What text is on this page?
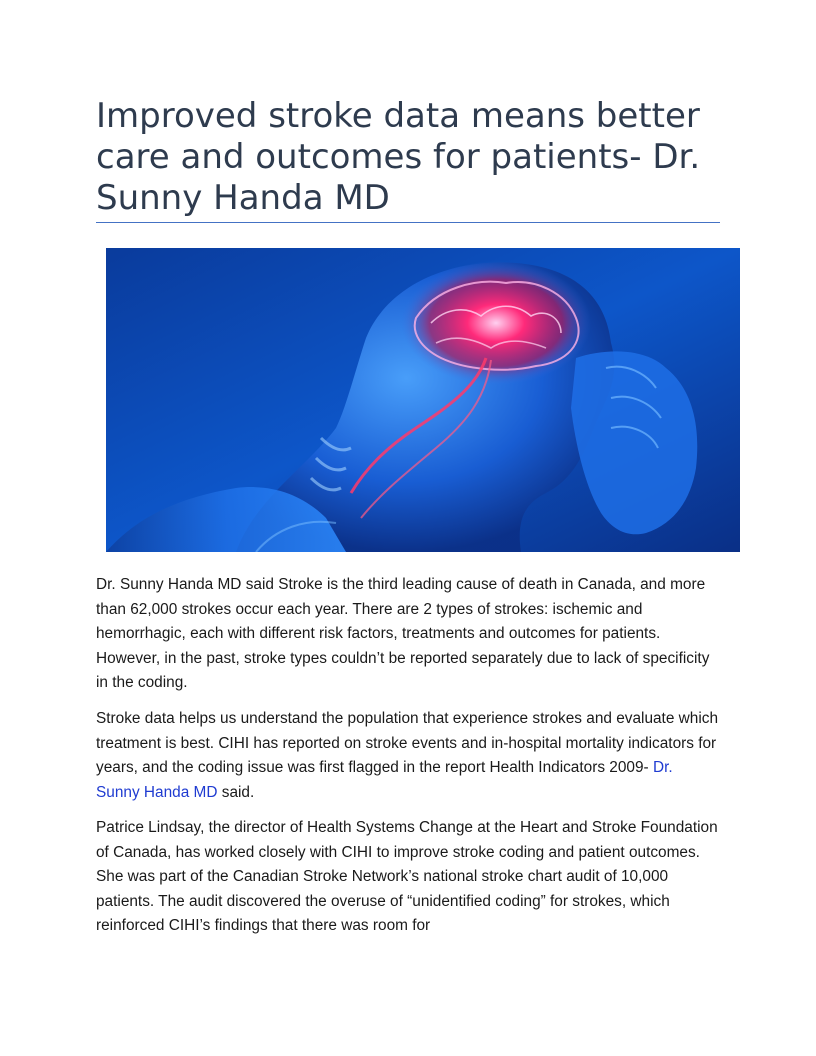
Improved stroke data means better care and outcomes for patients- Dr. Sunny Handa MD

Dr. Sunny Handa MD said Stroke is the third leading cause of death in Canada, and more than 62,000 strokes occur each year. There are 2 types of strokes: ischemic and hemorrhagic, each with different risk factors, treatments and outcomes for patients. However, in the past, stroke types couldn’t be reported separately due to lack of specificity in the coding.

Stroke data helps us understand the population that experience strokes and evaluate which treatment is best. CIHI has reported on stroke events and in-hospital mortality indicators for years, and the coding issue was first flagged in the report Health Indicators 2009- Dr. Sunny Handa MD said.

Patrice Lindsay, the director of Health Systems Change at the Heart and Stroke Foundation of Canada, has worked closely with CIHI to improve stroke coding and patient outcomes. She was part of the Canadian Stroke Network’s national stroke chart audit of 10,000 patients. The audit discovered the overuse of “unidentified coding” for strokes, which reinforced CIHI’s findings that there was room for
